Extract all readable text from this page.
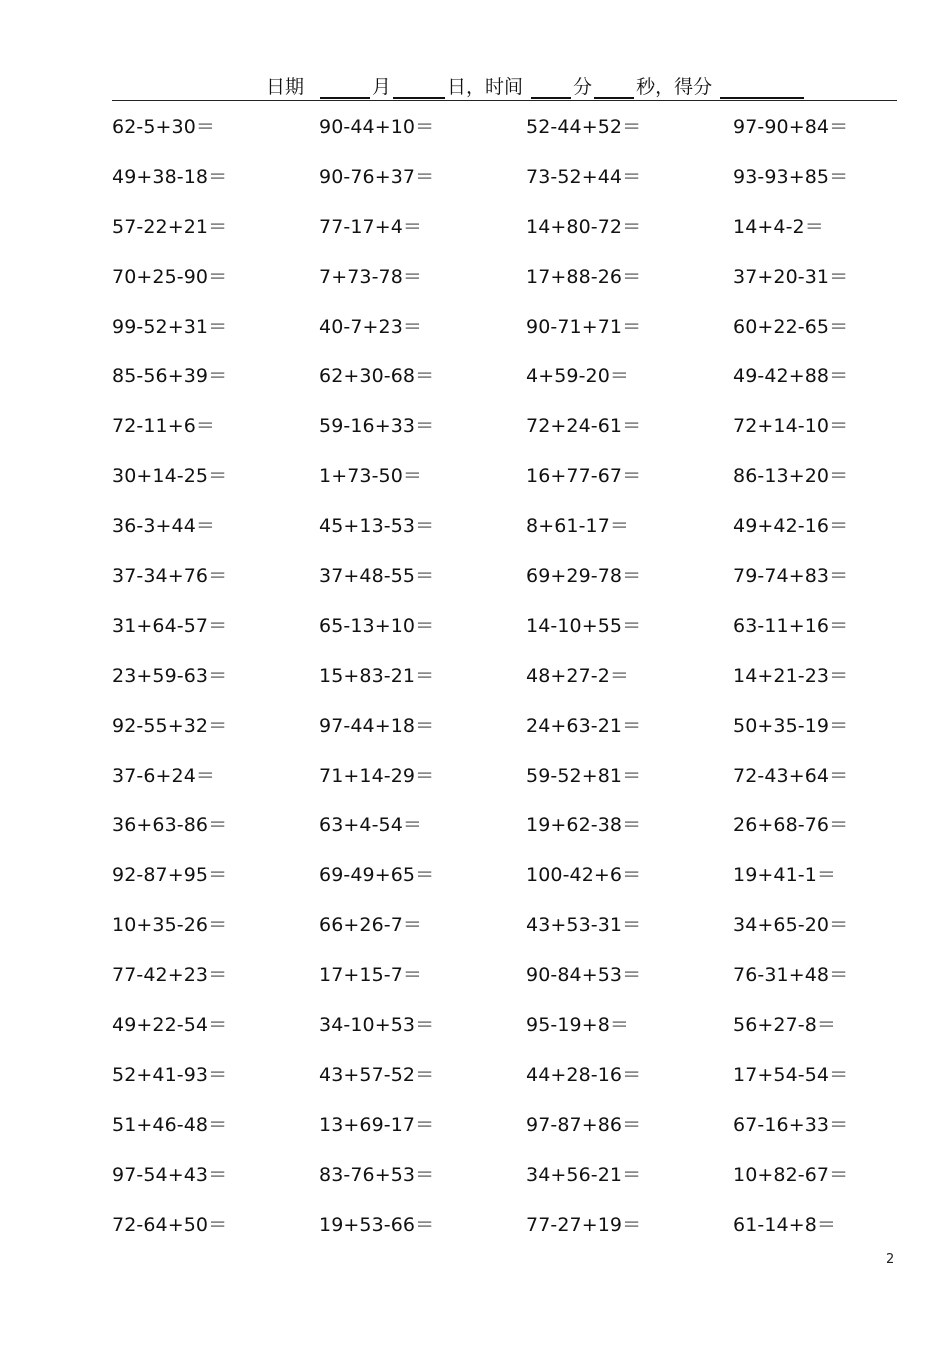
日期	月	日，时间	分 秒，得分
62-5+30＝	90-44+10＝	52-44+52＝	97-90+84＝
49+38-18＝	90-76+37＝	73-52+44＝	93-93+85＝
57-22+21＝	77-17+4＝	14+80-72＝	14+4-2＝
70+25-90＝	7+73-78＝	17+88-26＝	37+20-31＝
99-52+31＝	40-7+23＝	90-71+71＝	60+22-65＝
85-56+39＝	62+30-68＝	4+59-20＝	49-42+88＝
72-11+6＝	59-16+33＝	72+24-61＝	72+14-10＝
30+14-25＝	1+73-50＝	16+77-67＝	86-13+20＝
36-3+44＝	45+13-53＝	8+61-17＝	49+42-16＝
37-34+76＝	37+48-55＝	69+29-78＝	79-74+83＝
31+64-57＝	65-13+10＝	14-10+55＝	63-11+16＝
23+59-63＝	15+83-21＝	48+27-2＝	14+21-23＝
92-55+32＝	97-44+18＝	24+63-21＝	50+35-19＝
37-6+24＝	71+14-29＝	59-52+81＝	72-43+64＝
36+63-86＝	63+4-54＝	19+62-38＝	26+68-76＝
92-87+95＝	69-49+65＝	100-42+6＝	19+41-1＝
10+35-26＝	66+26-7＝	43+53-31＝	34+65-20＝
77-42+23＝	17+15-7＝	90-84+53＝	76-31+48＝
49+22-54＝	34-10+53＝	95-19+8＝	56+27-8＝
52+41-93＝	43+57-52＝	44+28-16＝	17+54-54＝
51+46-48＝	13+69-17＝	97-87+86＝	67-16+33＝
97-54+43＝	83-76+53＝	34+56-21＝	10+82-67＝
72-64+50＝	19+53-66＝	77-27+19＝	61-14+8＝
2
